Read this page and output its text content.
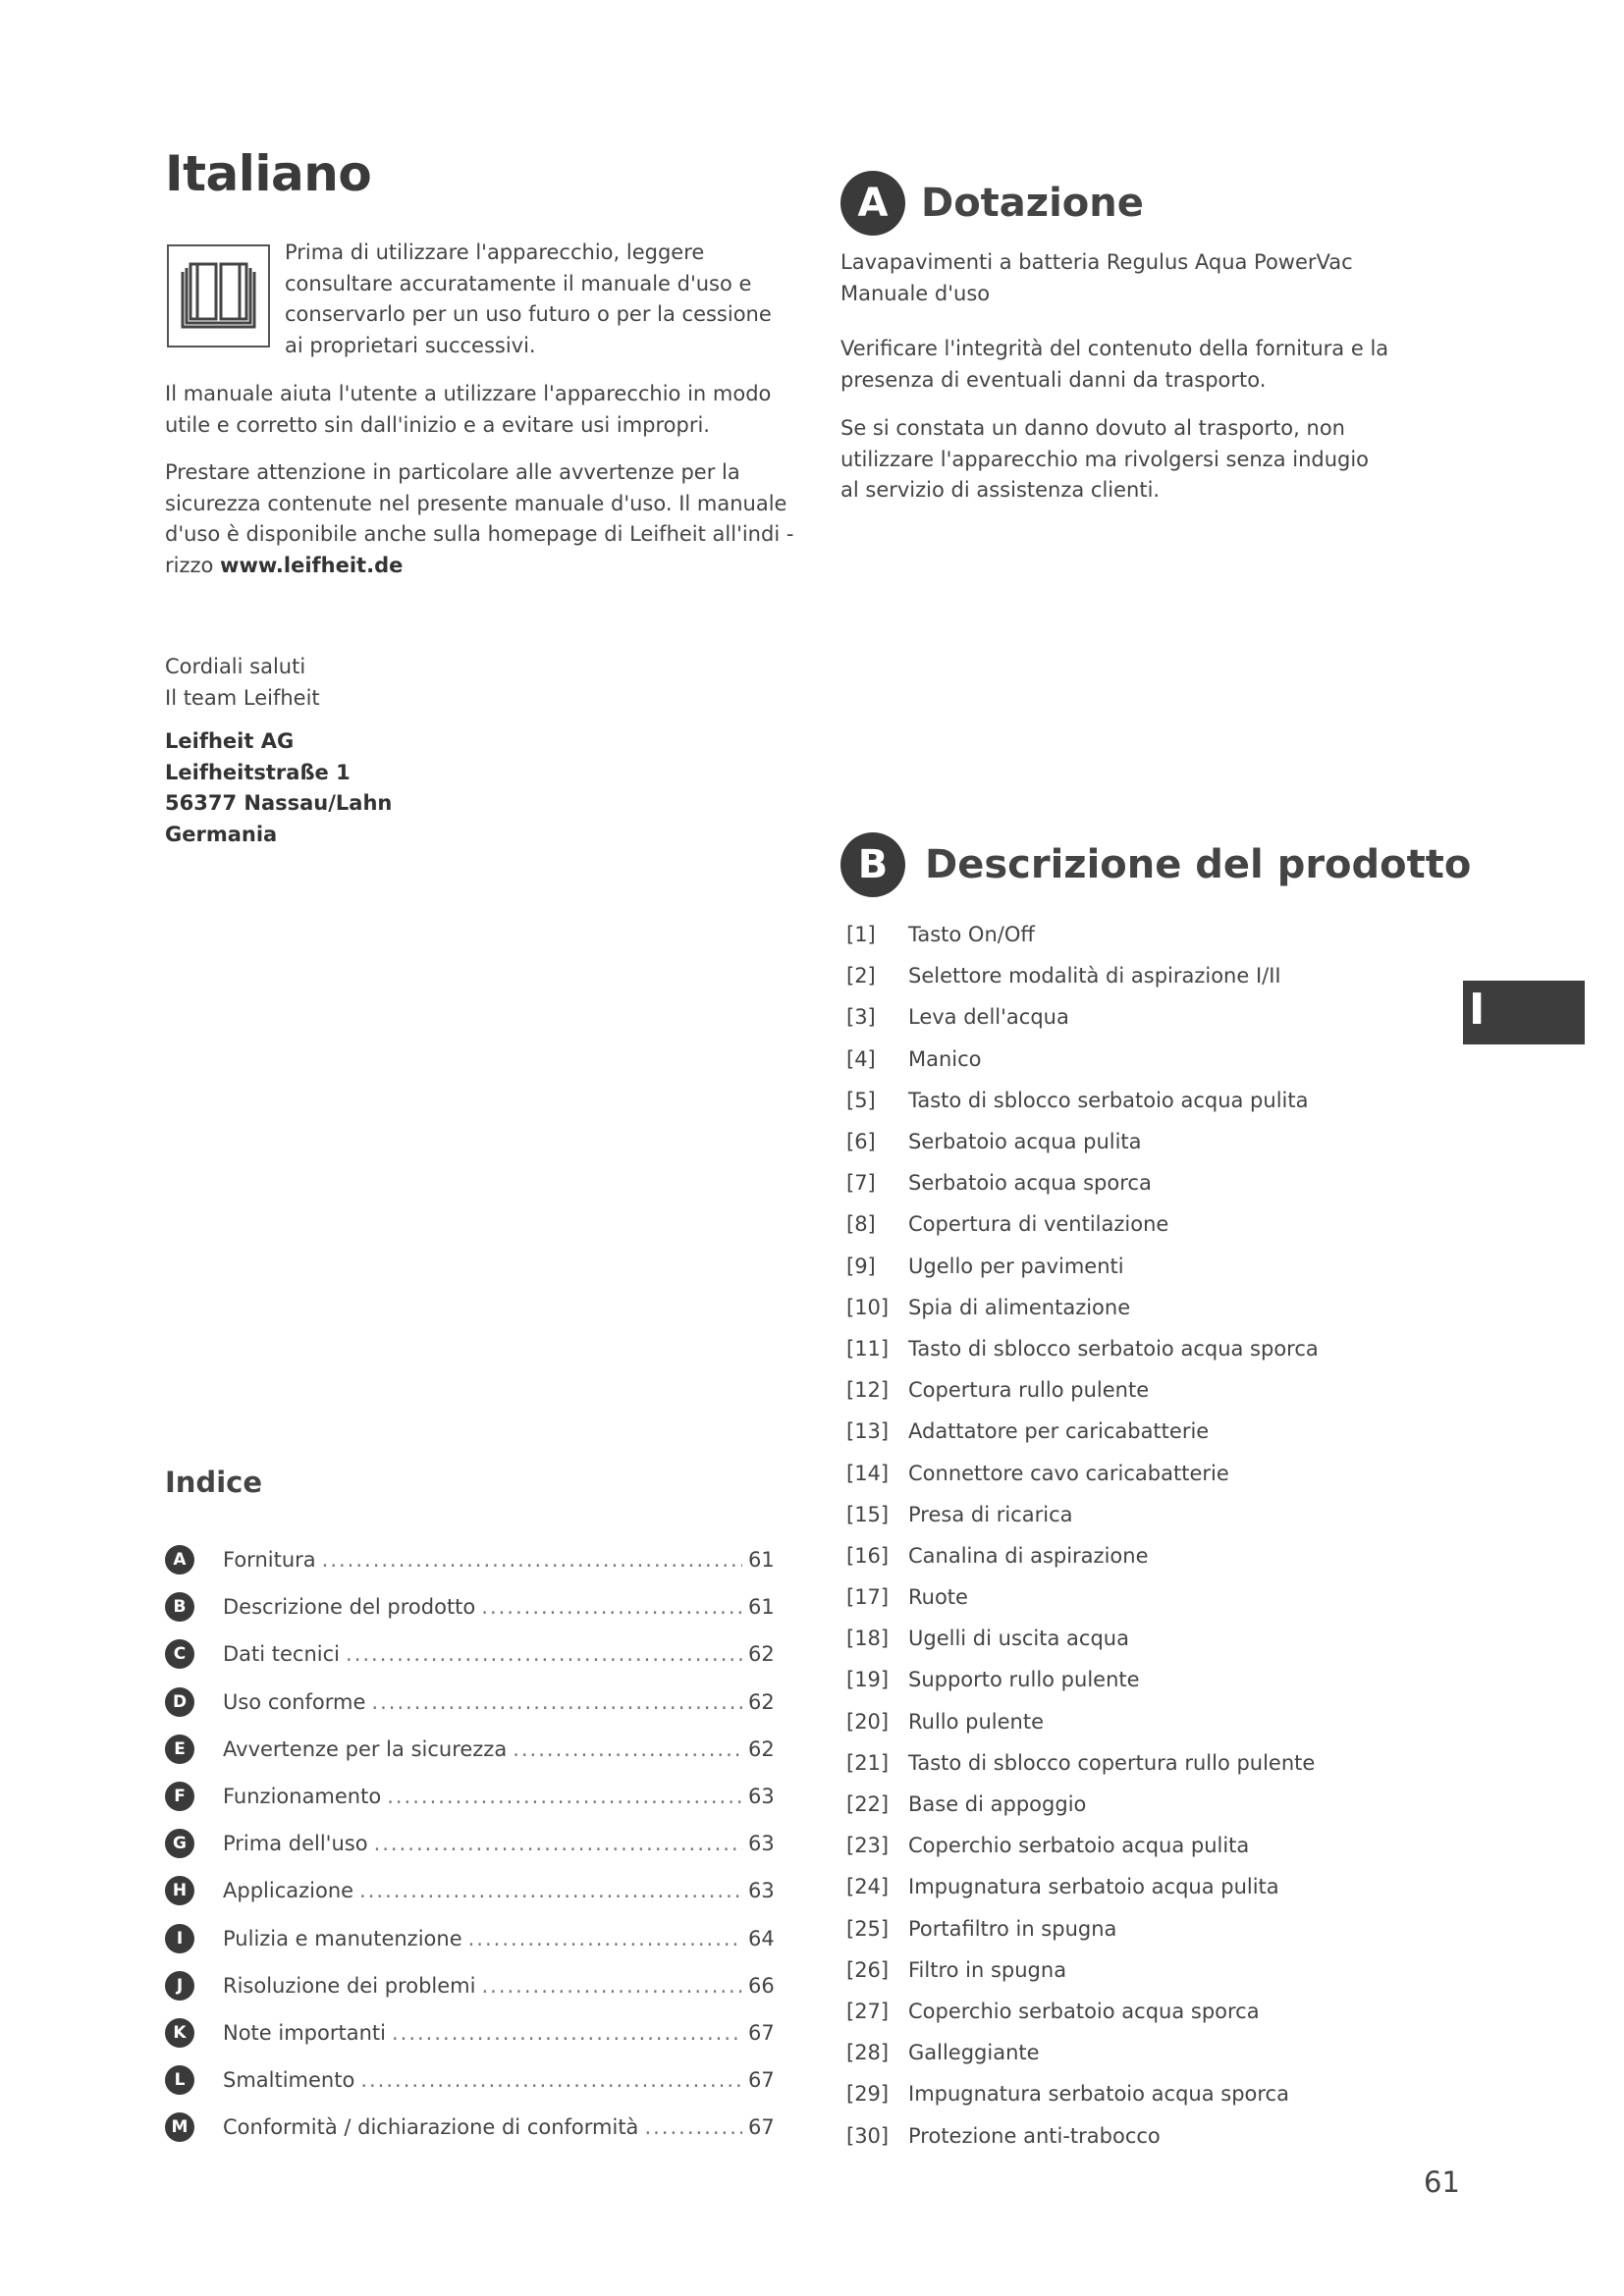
Italiano
Prima di utilizzare l'apparecchio, leggere consultare accuratamente il manuale d'uso e conservarlo per un uso futuro o per la cessione ai proprietari successivi.
Il manuale aiuta l'utente a utilizzare l'apparecchio in modo utile e corretto sin dall'inizio e a evitare usi impropri.
Prestare attenzione in particolare alle avvertenze per la sicurezza contenute nel presente manuale d'uso. Il manuale d'uso è disponibile anche sulla homepage di Leifheit all'indi - rizzo www.leifheit.de
Cordiali saluti
Il team Leifheit
Leifheit AG
Leifheitstraße 1
56377 Nassau/Lahn
Germania
Indice
A	Fornitura .....	61
B	Descrizione del prodotto .....	61
C	Dati tecnici .....	62
D	Uso conforme .....	62
E	Avvertenze per la sicurezza .....	62
F	Funzionamento .....	63
G	Prima dell'uso .....	63
H	Applicazione .....	63
I	Pulizia e manutenzione .....	64
J	Risoluzione dei problemi .....	66
K	Note importanti .....	67
L	Smaltimento .....	67
M	Conformità / dichiarazione di conformità .....	67
A Dotazione
Lavapavimenti a batteria Regulus Aqua PowerVac
Manuale d'uso
Verificare l'integrità del contenuto della fornitura e la presenza di eventuali danni da trasporto.
Se si constata un danno dovuto al trasporto, non utilizzare l'apparecchio ma rivolgersi senza indugio al servizio di assistenza clienti.
B Descrizione del prodotto
[1]	Tasto On/Off
[2]	Selettore modalità di aspirazione I/II
[3]	Leva dell'acqua
[4]	Manico
[5]	Tasto di sblocco serbatoio acqua pulita
[6]	Serbatoio acqua pulita
[7]	Serbatoio acqua sporca
[8]	Copertura di ventilazione
[9]	Ugello per pavimenti
[10] Spia di alimentazione
[11] Tasto di sblocco serbatoio acqua sporca
[12] Copertura rullo pulente
[13] Adattatore per caricabatterie
[14] Connettore cavo caricabatterie
[15] Presa di ricarica
[16] Canalina di aspirazione
[17] Ruote
[18] Ugelli di uscita acqua
[19] Supporto rullo pulente
[20] Rullo pulente
[21] Tasto di sblocco copertura rullo pulente
[22] Base di appoggio
[23] Coperchio serbatoio acqua pulita
[24] Impugnatura serbatoio acqua pulita
[25] Portafiltro in spugna
[26] Filtro in spugna
[27] Coperchio serbatoio acqua sporca
[28] Galleggiante
[29] Impugnatura serbatoio acqua sporca
[30] Protezione anti-trabocco
I
61
